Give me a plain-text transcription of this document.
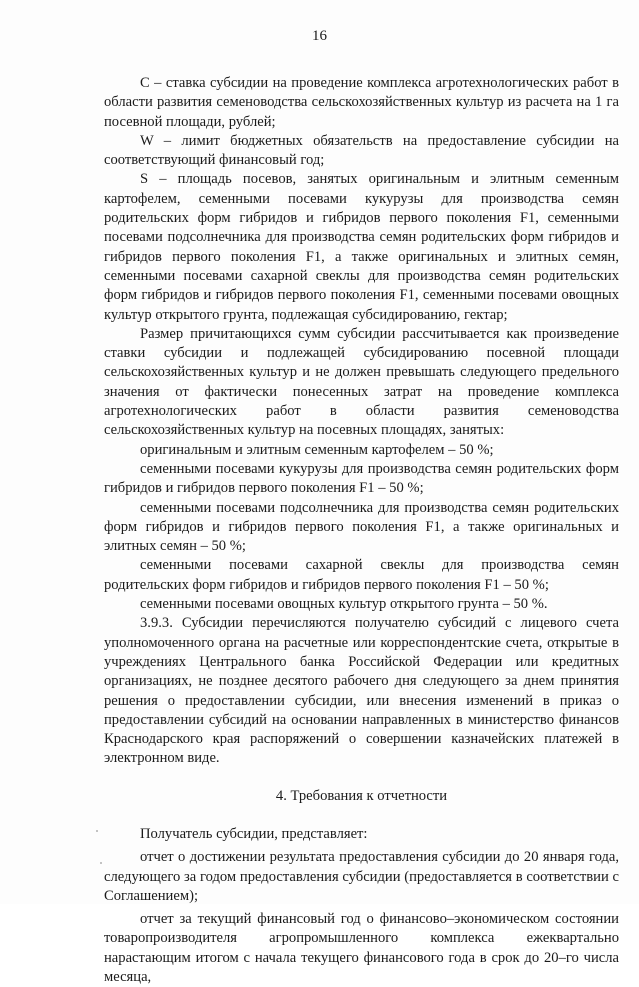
16

C – ставка субсидии на проведение комплекса агротехнологических работ в области развития семеноводства сельскохозяйственных культур из расчета на 1 га посевной площади, рублей;

W – лимит бюджетных обязательств на предоставление субсидии на соответствующий финансовый год;

S – площадь посевов, занятых оригинальным и элитным семенным картофелем, семенными посевами кукурузы для производства семян родительских форм гибридов и гибридов первого поколения F1, семенными посевами подсолнечника для производства семян родительских форм гибридов и гибридов первого поколения F1, а также оригинальных и элитных семян, семенными посевами сахарной свеклы для производства семян родительских форм гибридов и гибридов первого поколения F1, семенными посевами овощных культур открытого грунта, подлежащая субсидированию, гектар;

Размер причитающихся сумм субсидии рассчитывается как произведение ставки субсидии и подлежащей субсидированию посевной площади сельскохозяйственных культур и не должен превышать следующего предельного значения от фактически понесенных затрат на проведение комплекса агротехнологических работ в области развития семеноводства сельскохозяйственных культур на посевных площадях, занятых:

оригинальным и элитным семенным картофелем – 50 %;

семенными посевами кукурузы для производства семян родительских форм гибридов и гибридов первого поколения F1 – 50 %;

семенными посевами подсолнечника для производства семян родительских форм гибридов и гибридов первого поколения F1, а также оригинальных и элитных семян – 50 %;

семенными посевами сахарной свеклы для производства семян родительских форм гибридов и гибридов первого поколения F1 – 50 %;

семенными посевами овощных культур открытого грунта – 50 %.

3.9.3. Субсидии перечисляются получателю субсидий с лицевого счета уполномоченного органа на расчетные или корреспондентские счета, открытые в учреждениях Центрального банка Российской Федерации или кредитных организациях, не позднее десятого рабочего дня следующего за днем принятия решения о предоставлении субсидии, или внесения изменений в приказ о предоставлении субсидий на основании направленных в министерство финансов Краснодарского края распоряжений о совершении казначейских платежей в электронном виде.

4. Требования к отчетности

Получатель субсидии, представляет:

отчет о достижении результата предоставления субсидии до 20 января года, следующего за годом предоставления субсидии (предоставляется в соответствии с Соглашением);

отчет за текущий финансовый год о финансово–экономическом состоянии товаропроизводителя агропромышленного комплекса ежеквартально нарастающим итогом с начала текущего финансового года в срок до 20–го числа месяца,
